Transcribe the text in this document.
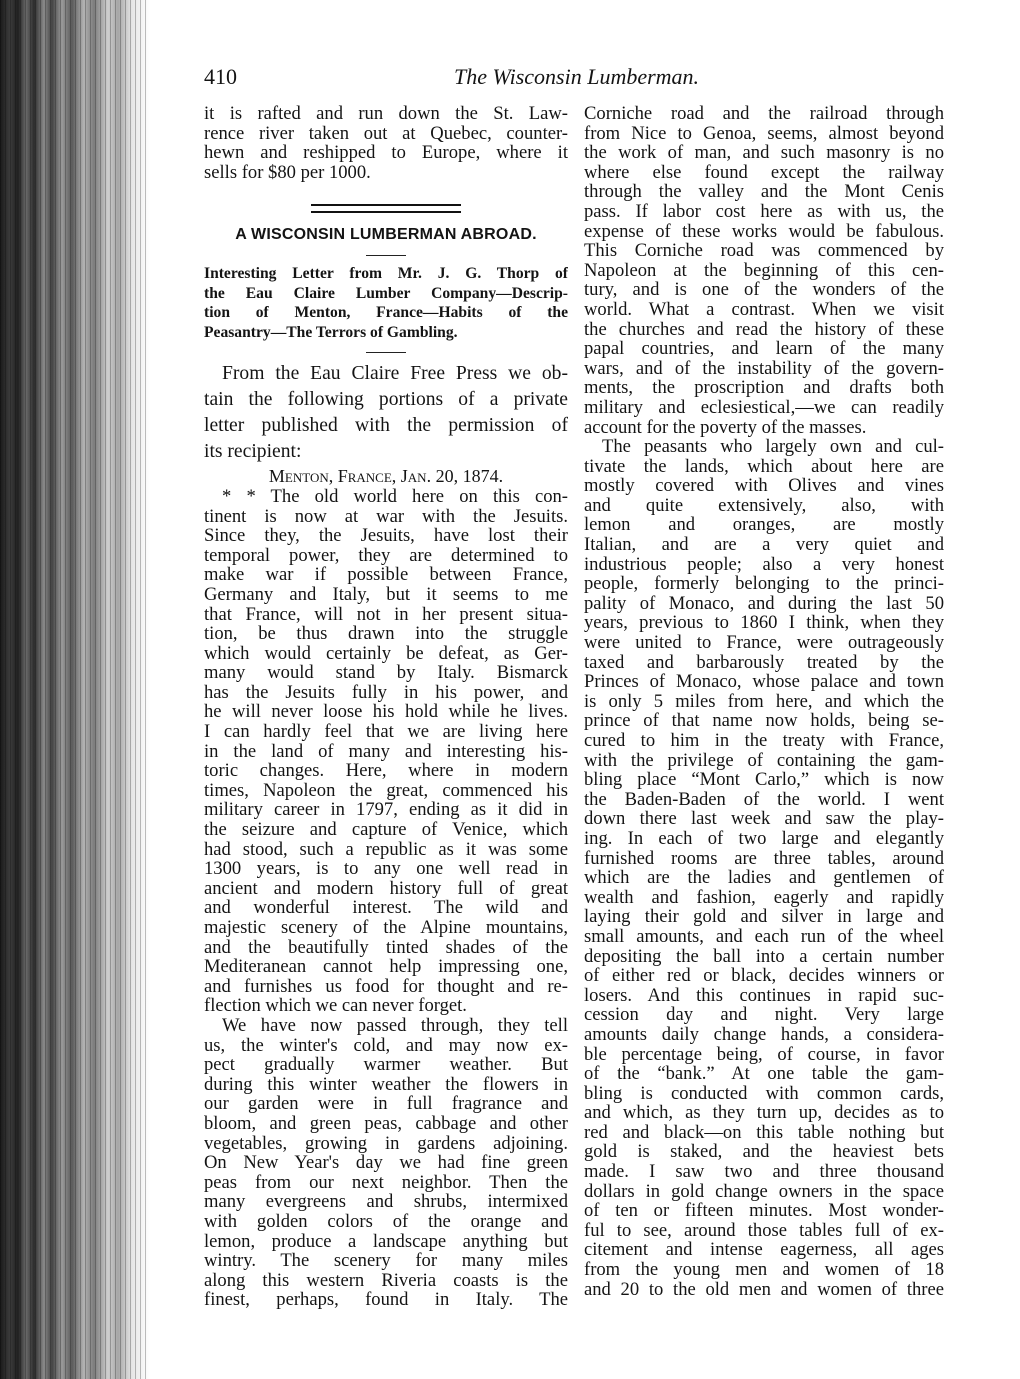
410	The Wisconsin Lumberman.
it is rafted and run down the St. Law-
rence river taken out at Quebec, counter-
hewn and reshipped to Europe, where it
sells for $80 per 1000.
A WISCONSIN LUMBERMAN ABROAD.
Interesting Letter from Mr. J. G. Thorp of
the Eau Claire Lumber Company—Descrip-
tion of Menton, France—Habits of the
Peasantry—The Terrors of Gambling.
From the Eau Claire Free Press we ob-
tain the following portions of a private
letter published with the permission of
its recipient:
Menton, France, Jan. 20, 1874.
* * The old world here on this con-
tinent is now at war with the Jesuits.
Since they, the Jesuits, have lost their
temporal power, they are determined to
make war if possible between France,
Germany and Italy, but it seems to me
that France, will not in her present situa-
tion, be thus drawn into the struggle
which would certainly be defeat, as Ger-
many would stand by Italy. Bismarck
has the Jesuits fully in his power, and
he will never loose his hold while he lives.
I can hardly feel that we are living here
in the land of many and interesting his-
toric changes. Here, where in modern
times, Napoleon the great, commenced his
military career in 1797, ending as it did in
the seizure and capture of Venice, which
had stood, such a republic as it was some
1300 years, is to any one well read in
ancient and modern history full of great
and wonderful interest. The wild and
majestic scenery of the Alpine mountains,
and the beautifully tinted shades of the
Mediteranean cannot help impressing one,
and furnishes us food for thought and re-
flection which we can never forget.
We have now passed through, they tell
us, the winter's cold, and may now ex-
pect gradually warmer weather. But
during this winter weather the flowers in
our garden were in full fragrance and
bloom, and green peas, cabbage and other
vegetables, growing in gardens adjoining.
On New Year's day we had fine green
peas from our next neighbor. Then the
many evergreens and shrubs, intermixed
with golden colors of the orange and
lemon, produce a landscape anything but
wintry. The scenery for many miles
along this western Riveria coasts is the
finest, perhaps, found in Italy. The
Corniche road and the railroad through
from Nice to Genoa, seems, almost beyond
the work of man, and such masonry is no
where else found except the railway
through the valley and the Mont Cenis
pass. If labor cost here as with us, the
expense of these works would be fabulous.
This Corniche road was commenced by
Napoleon at the beginning of this cen-
tury, and is one of the wonders of the
world. What a contrast. When we visit
the churches and read the history of these
papal countries, and learn of the many
wars, and of the instability of the govern-
ments, the proscription and drafts both
military and eclesiestical,—we can readily
account for the poverty of the masses.
The peasants who largely own and cul-
tivate the lands, which about here are
mostly covered with Olives and vines
and quite extensively, also, with
lemon and oranges, are mostly
Italian, and are a very quiet and
industrious people; also a very honest
people, formerly belonging to the princi-
pality of Monaco, and during the last 50
years, previous to 1860 I think, when they
were united to France, were outrageously
taxed and barbarously treated by the
Princes of Monaco, whose palace and town
is only 5 miles from here, and which the
prince of that name now holds, being se-
cured to him in the treaty with France,
with the privilege of containing the gam-
bling place “Mont Carlo,” which is now
the Baden-Baden of the world. I went
down there last week and saw the play-
ing. In each of two large and elegantly
furnished rooms are three tables, around
which are the ladies and gentlemen of
wealth and fashion, eagerly and rapidly
laying their gold and silver in large and
small amounts, and each run of the wheel
depositing the ball into a certain number
of either red or black, decides winners or
losers. And this continues in rapid suc-
cession day and night. Very large
amounts daily change hands, a considera-
ble percentage being, of course, in favor
of the “bank.” At one table the gam-
bling is conducted with common cards,
and which, as they turn up, decides as to
red and black—on this table nothing but
gold is staked, and the heaviest bets
made. I saw two and three thousand
dollars in gold change owners in the space
of ten or fifteen minutes. Most wonder-
ful to see, around those tables full of ex-
citement and intense eagerness, all ages
from the young men and women of 18
and 20 to the old men and women of three
